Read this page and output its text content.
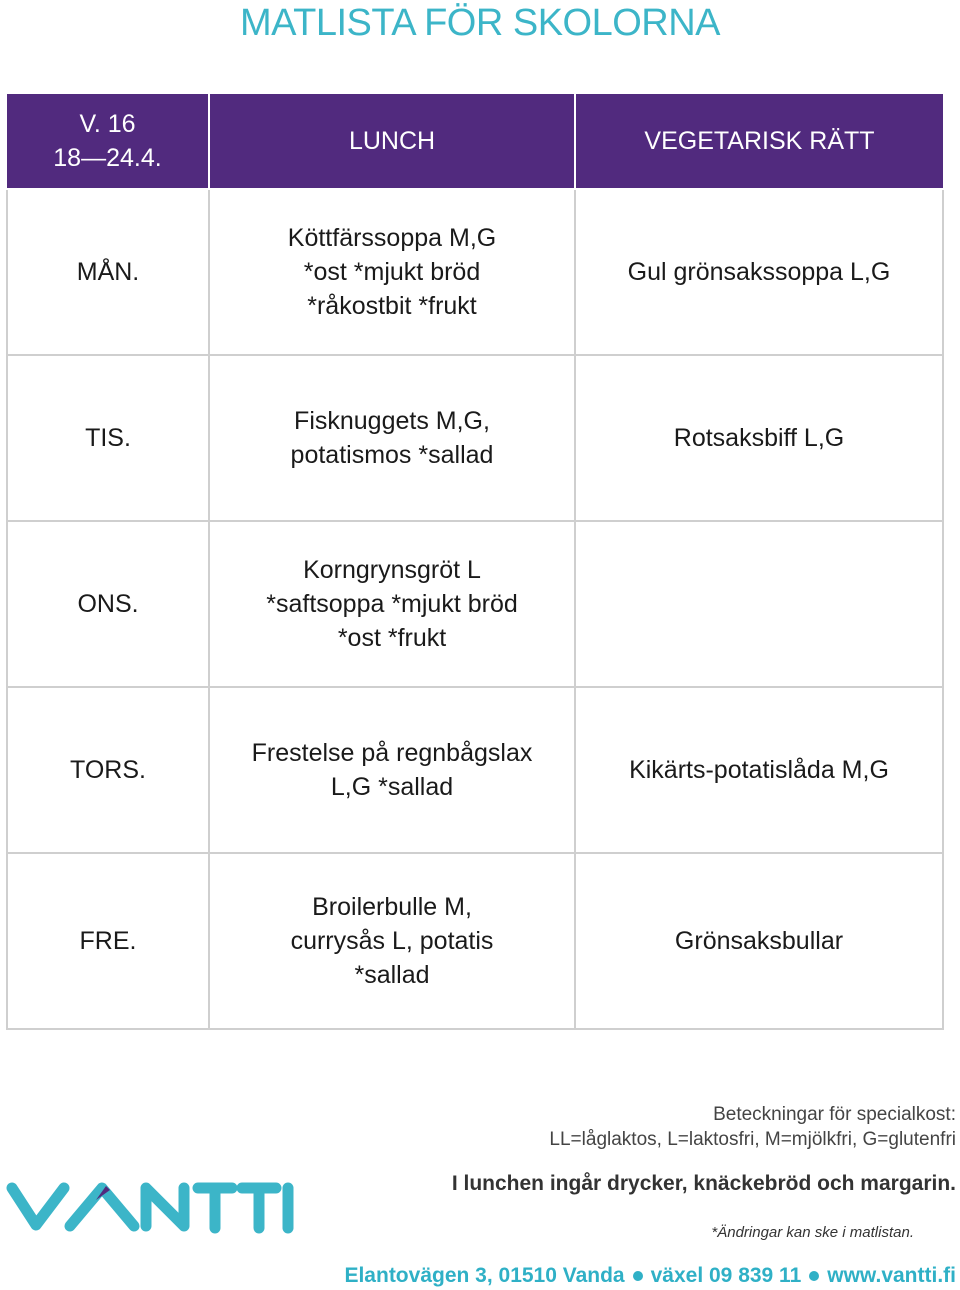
MATLISTA FÖR SKOLORNA
V. 16
18—24.4.	LUNCH	VEGETARISK RÄTT
MÅN.	Köttfärssoppa M,G
*ost *mjukt bröd
*råkostbit *frukt	Gul grönsakssoppa L,G
TIS.	Fisknuggets M,G,
potatismos *sallad	Rotsaksbiff L,G
ONS.	Korngrynsgröt L
*saftsoppa *mjukt bröd
*ost *frukt	
TORS.	Frestelse på regnbågslax
L,G *sallad	Kikärts-potatislåda M,G
FRE.	Broilerbulle M,
currysås L, potatis
*sallad	Grönsaksbullar
Beteckningar för specialkost:
LL=låglaktos, L=laktosfri, M=mjölkfri, G=glutenfri
I lunchen ingår drycker, knäckebröd och margarin.
*Ändringar kan ske i matlistan.
Elantovägen 3, 01510 Vanda växel 09 839 11 www.vantti.fi
